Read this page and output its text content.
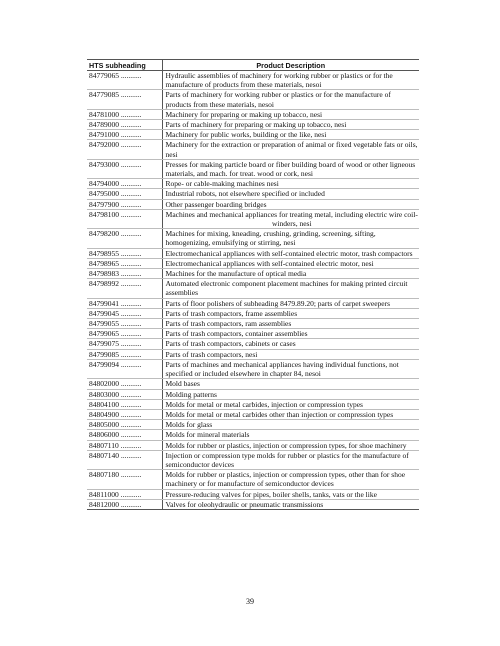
HTS subheading	Product Description
84779065 ...........	Hydraulic assemblies of machinery for working rubber or plastics or for the manufacture of products from these materials, nesoi
84779085 ...........	Parts of machinery for working rubber or plastics or for the manufacture of products from these materials, nesoi
84781000 ...........	Machinery for preparing or making up tobacco, nesi
84789000 ...........	Parts of machinery for preparing or making up tobacco, nesi
84791000 ...........	Machinery for public works, building or the like, nesi
84792000 ...........	Machinery for the extraction or preparation of animal or fixed vegetable fats or oils, nesi
84793000 ...........	Presses for making particle board or fiber building board of wood or other ligneous materials, and mach. for treat. wood or cork, nesi
84794000 ...........	Rope- or cable-making machines nesi
84795000 ...........	Industrial robots, not elsewhere specified or included
84797900 ...........	Other passenger boarding bridges
84798100 ...........	Machines and mechanical appliances for treating metal, including electric wire coil-winders, nesi
84798200 ...........	Machines for mixing, kneading, crushing, grinding, screening, sifting, homogenizing, emulsifying or stirring, nesi
84798955 ...........	Electromechanical appliances with self-contained electric motor, trash compactors
84798965 ...........	Electromechanical appliances with self-contained electric motor, nesi
84798983 ...........	Machines for the manufacture of optical media
84798992 ...........	Automated electronic component placement machines for making printed circuit assemblies
84799041 ...........	Parts of floor polishers of subheading 8479.89.20; parts of carpet sweepers
84799045 ...........	Parts of trash compactors, frame assemblies
84799055 ...........	Parts of trash compactors, ram assemblies
84799065 ...........	Parts of trash compactors, container assemblies
84799075 ...........	Parts of trash compactors, cabinets or cases
84799085 ...........	Parts of trash compactors, nesi
84799094 ...........	Parts of machines and mechanical appliances having individual functions, not specified or included elsewhere in chapter 84, nesoi
84802000 ...........	Mold bases
84803000 ...........	Molding patterns
84804100 ...........	Molds for metal or metal carbides, injection or compression types
84804900 ...........	Molds for metal or metal carbides other than injection or compression types
84805000 ...........	Molds for glass
84806000 ...........	Molds for mineral materials
84807110 ...........	Molds for rubber or plastics, injection or compression types, for shoe machinery
84807140 ...........	Injection or compression type molds for rubber or plastics for the manufacture of semiconductor devices
84807180 ...........	Molds for rubber or plastics, injection or compression types, other than for shoe machinery or for manufacture of semiconductor devices
84811000 ...........	Pressure-reducing valves for pipes, boiler shells, tanks, vats or the like
84812000 ...........	Valves for oleohydraulic or pneumatic transmissions
39
